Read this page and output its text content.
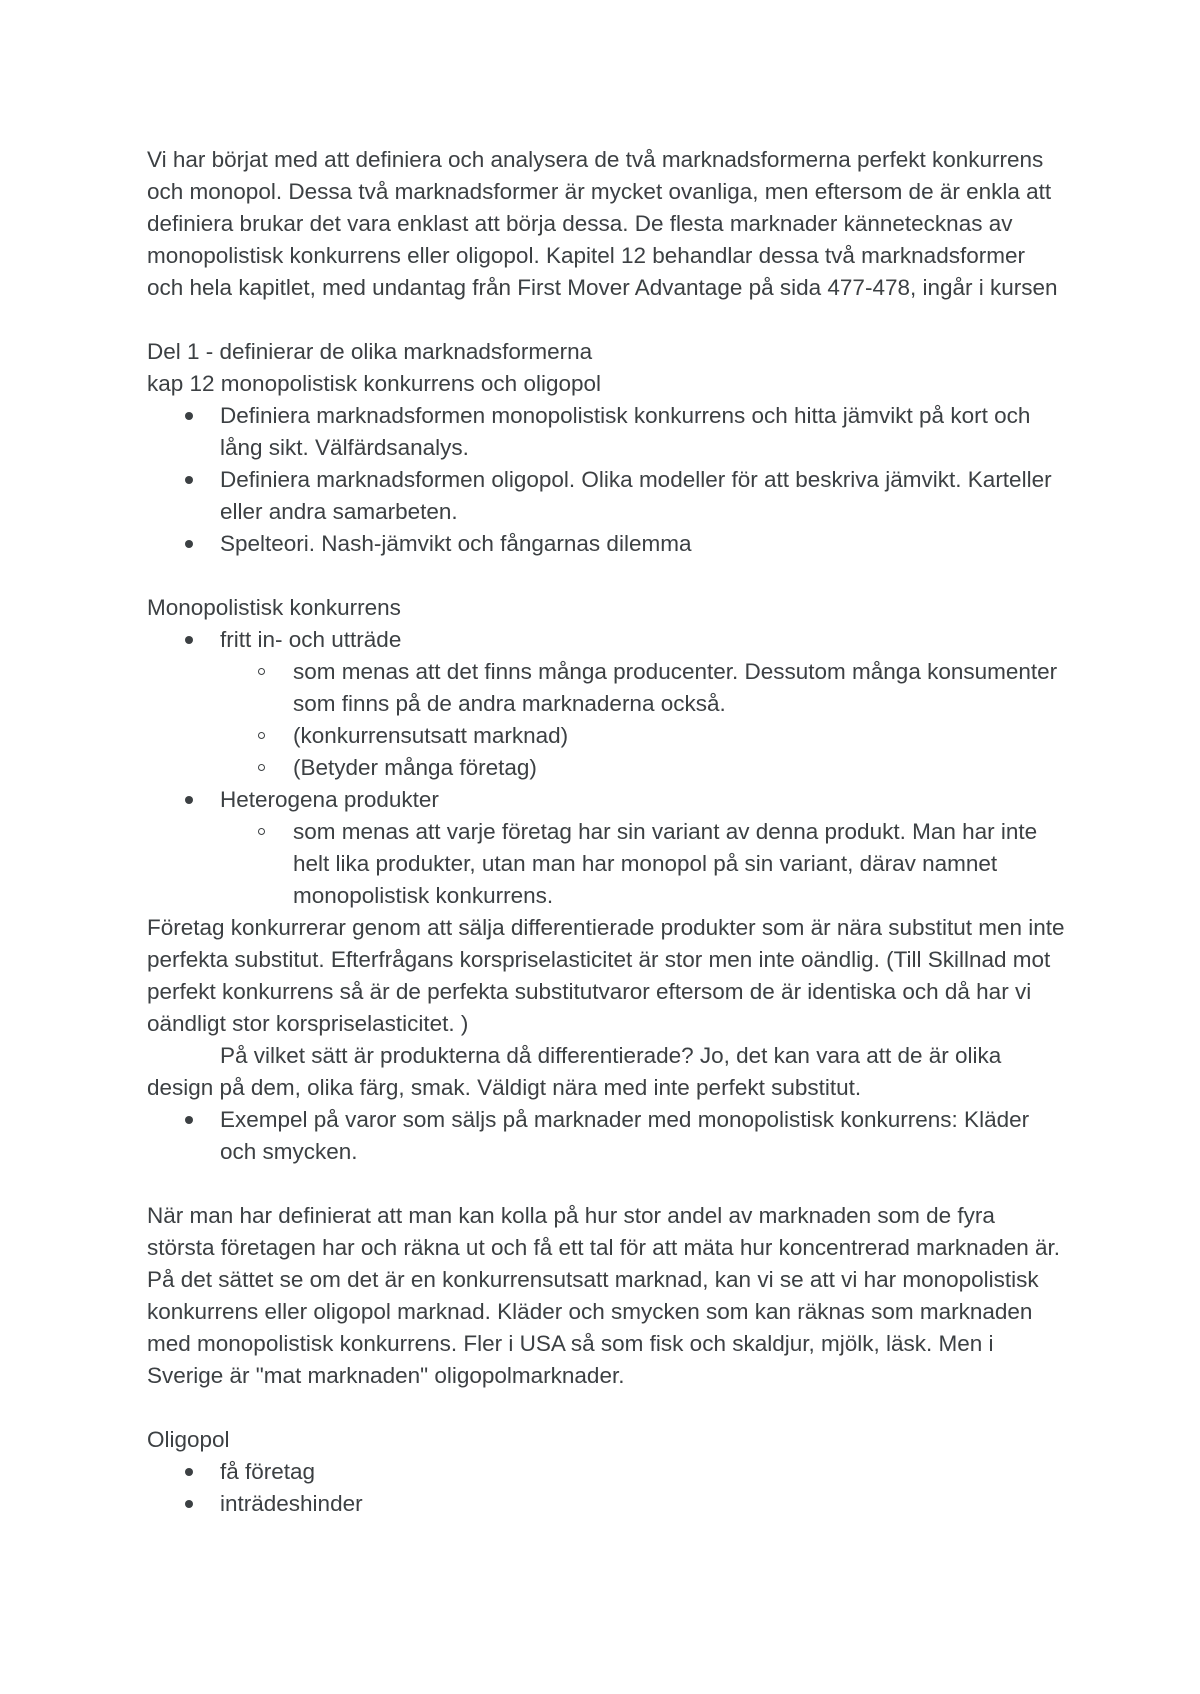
Vi har börjat med att definiera och analysera de två marknadsformerna perfekt konkurrens och monopol. Dessa två marknadsformer är mycket ovanliga, men eftersom de är enkla att definiera brukar det vara enklast att börja dessa. De flesta marknader kännetecknas av monopolistisk konkurrens eller oligopol. Kapitel 12 behandlar dessa två marknadsformer och hela kapitlet, med undantag från First Mover Advantage på sida 477-478, ingår i kursen

Del 1 - definierar de olika marknadsformerna

kap 12 monopolistisk konkurrens och oligopol

Definiera marknadsformen monopolistisk konkurrens och hitta jämvikt på kort och lång sikt. Välfärdsanalys.
Definiera marknadsformen oligopol. Olika modeller för att beskriva jämvikt. Karteller eller andra samarbeten.
Spelteori. Nash-jämvikt och fångarnas dilemma

Monopolistisk konkurrens

fritt in- och utträde
som menas att det finns många producenter. Dessutom många konsumenter som finns på de andra marknaderna också.
(konkurrensutsatt marknad)
(Betyder många företag)
Heterogena produkter
som menas att varje företag har sin variant av denna produkt. Man har inte helt lika produkter, utan man har monopol på sin variant, därav namnet monopolistisk konkurrens.

Företag konkurrerar genom att sälja differentierade produkter som är nära substitut men inte perfekta substitut. Efterfrågans korspriselasticitet är stor men inte oändlig. (Till Skillnad mot perfekt konkurrens så är de perfekta substitutvaror eftersom de är identiska och då har vi oändligt stor korspriselasticitet. )

På vilket sätt är produkterna då differentierade? Jo, det kan vara att de är olika design på dem, olika färg, smak. Väldigt nära med inte perfekt substitut.

Exempel på varor som säljs på marknader med monopolistisk konkurrens: Kläder och smycken.

När man har definierat att man kan kolla på hur stor andel av marknaden som de fyra största företagen har och räkna ut och få ett tal för att mäta hur koncentrerad marknaden är. På det sättet se om det är en konkurrensutsatt marknad, kan vi se att vi har monopolistisk konkurrens eller oligopol marknad. Kläder och smycken som kan räknas som marknaden med monopolistisk konkurrens. Fler i USA så som fisk och skaldjur, mjölk, läsk. Men i Sverige är "mat marknaden" oligopolmarknader.

Oligopol

få företag
inträdeshinder
